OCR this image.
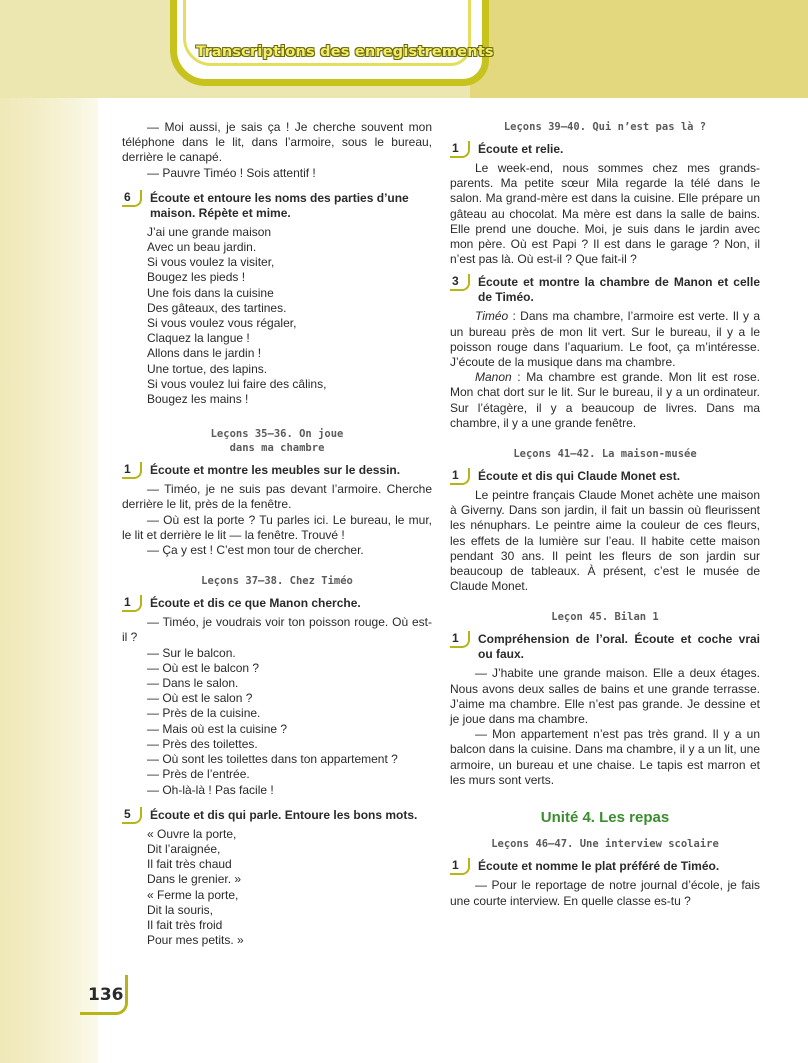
Transcriptions des enregistrements

— Moi aussi, je sais ça ! Je cherche souvent mon téléphone dans le lit, dans l’armoire, sous le bureau, derrière le canapé.

— Pauvre Timéo ! Sois attentif !

6	Écoute et entoure les noms des parties d’une maison. Répète et mime.
J’ai une grande maison
Avec un beau jardin.
Si vous voulez la visiter,
Bougez les pieds !
Une fois dans la cuisine
Des gâteaux, des tartines.
Si vous voulez vous régaler,
Claquez la langue !
Allons dans le jardin !
Une tortue, des lapins.
Si vous voulez lui faire des câlins,
Bougez les mains !
Leçons 35—36. On joue
dans ma chambre
1	Écoute et montre les meubles sur le dessin.

— Timéo, je ne suis pas devant l’armoire. Cherche derrière le lit, près de la fenêtre.

— Où est la porte ? Tu parles ici. Le bureau, le mur, le lit et derrière le lit — la fenêtre. Trouvé !

— Ça y est ! C’est mon tour de chercher.

Leçons 37—38. Chez Timéo
1	Écoute et dis ce que Manon cherche.

— Timéo, je voudrais voir ton poisson rouge. Où est-il ?

— Sur le balcon.
— Où est le balcon ?
— Dans le salon.
— Où est le salon ?
— Près de la cuisine.
— Mais où est la cuisine ?
— Près des toilettes.
— Où sont les toilettes dans ton appartement ?
— Près de l’entrée.
— Oh-là-là ! Pas facile !
5	Écoute et dis qui parle. Entoure les bons mots.
« Ouvre la porte,
Dit l’araignée,
Il fait très chaud
Dans le grenier. »
« Ferme la porte,
Dit la souris,
Il fait très froid
Pour mes petits. »
Leçons 39—40. Qui n’est pas là ?
1	Écoute et relie.

Le week-end, nous sommes chez mes grands-parents. Ma petite sœur Mila regarde la télé dans le salon. Ma grand-mère est dans la cuisine. Elle prépare un gâteau au chocolat. Ma mère est dans la salle de bains. Elle prend une douche. Moi, je suis dans le jardin avec mon père. Où est Papi ? Il est dans le garage ? Non, il n’est pas là. Où est-il ? Que fait-il ?

3	Écoute et montre la chambre de Manon et celle de Timéo.

Timéo : Dans ma chambre, l’armoire est verte. Il y a un bureau près de mon lit vert. Sur le bureau, il y a le poisson rouge dans l’aquarium. Le foot, ça m’intéresse. J’écoute de la musique dans ma chambre.

Manon : Ma chambre est grande. Mon lit est rose. Mon chat dort sur le lit. Sur le bureau, il y a un ordinateur. Sur l’étagère, il y a beaucoup de livres. Dans ma chambre, il y a une grande fenêtre.

Leçons 41—42. La maison-musée
1	Écoute et dis qui Claude Monet est.

Le peintre français Claude Monet achète une maison à Giverny. Dans son jardin, il fait un bassin où fleurissent les nénuphars. Le peintre aime la couleur de ces fleurs, les effets de la lumière sur l’eau. Il habite cette maison pendant 30 ans. Il peint les fleurs de son jardin sur beaucoup de tableaux. À présent, c’est le musée de Claude Monet.

Leçon 45. Bilan 1
1	Compréhension de l’oral. Écoute et coche vrai ou faux.

— J’habite une grande maison. Elle a deux étages. Nous avons deux salles de bains et une grande terrasse. J’aime ma chambre. Elle n’est pas grande. Je dessine et je joue dans ma chambre.

— Mon appartement n’est pas très grand. Il y a un balcon dans la cuisine. Dans ma chambre, il y a un lit, une armoire, un bureau et une chaise. Le tapis est marron et les murs sont verts.

Unité 4. Les repas
Leçons 46—47. Une interview scolaire
1	Écoute et nomme le plat préféré de Timéo.

— Pour le reportage de notre journal d’école, je fais une courte interview. En quelle classe es-tu ?

136
